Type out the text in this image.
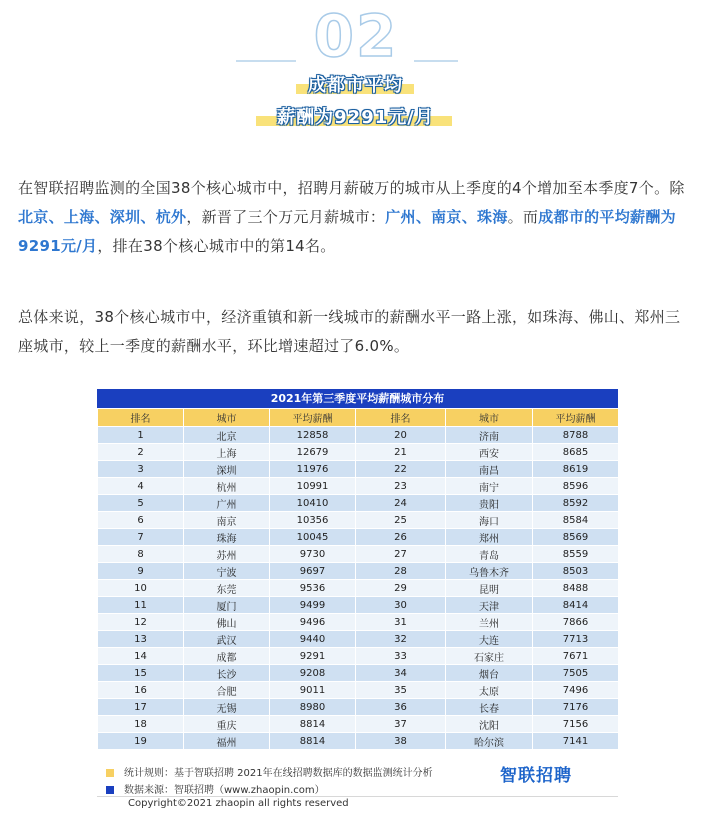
02
成都市平均
薪酬为9291元/月
在智联招聘监测的全国38个核心城市中，招聘月薪破万的城市从上季度的4个增加至本季度7个。除北京、上海、深圳、杭外，新晋了三个万元月薪城市：广州、南京、珠海。而成都市的平均薪酬为9291元/月，排在38个核心城市中的第14名。
总体来说，38个核心城市中，经济重镇和新一线城市的薪酬水平一路上涨，如珠海、佛山、郑州三座城市，较上一季度的薪酬水平，环比增速超过了6.0%。
2021年第三季度平均薪酬城市分布
排名	城市	平均薪酬	排名	城市	平均薪酬
1	北京	12858	20	济南	8788
2	上海	12679	21	西安	8685
3	深圳	11976	22	南昌	8619
4	杭州	10991	23	南宁	8596
5	广州	10410	24	贵阳	8592
6	南京	10356	25	海口	8584
7	珠海	10045	26	郑州	8569
8	苏州	9730	27	青岛	8559
9	宁波	9697	28	乌鲁木齐	8503
10	东莞	9536	29	昆明	8488
11	厦门	9499	30	天津	8414
12	佛山	9496	31	兰州	7866
13	武汉	9440	32	大连	7713
14	成都	9291	33	石家庄	7671
15	长沙	9208	34	烟台	7505
16	合肥	9011	35	太原	7496
17	无锡	8980	36	长春	7176
18	重庆	8814	37	沈阳	7156
19	福州	8814	38	哈尔滨	7141
统计规则：基于智联招聘 2021年在线招聘数据库的数据监测统计分析
数据来源：智联招聘（www.zhaopin.com）
智联招聘
Copyright©2021 zhaopin all rights reserved
